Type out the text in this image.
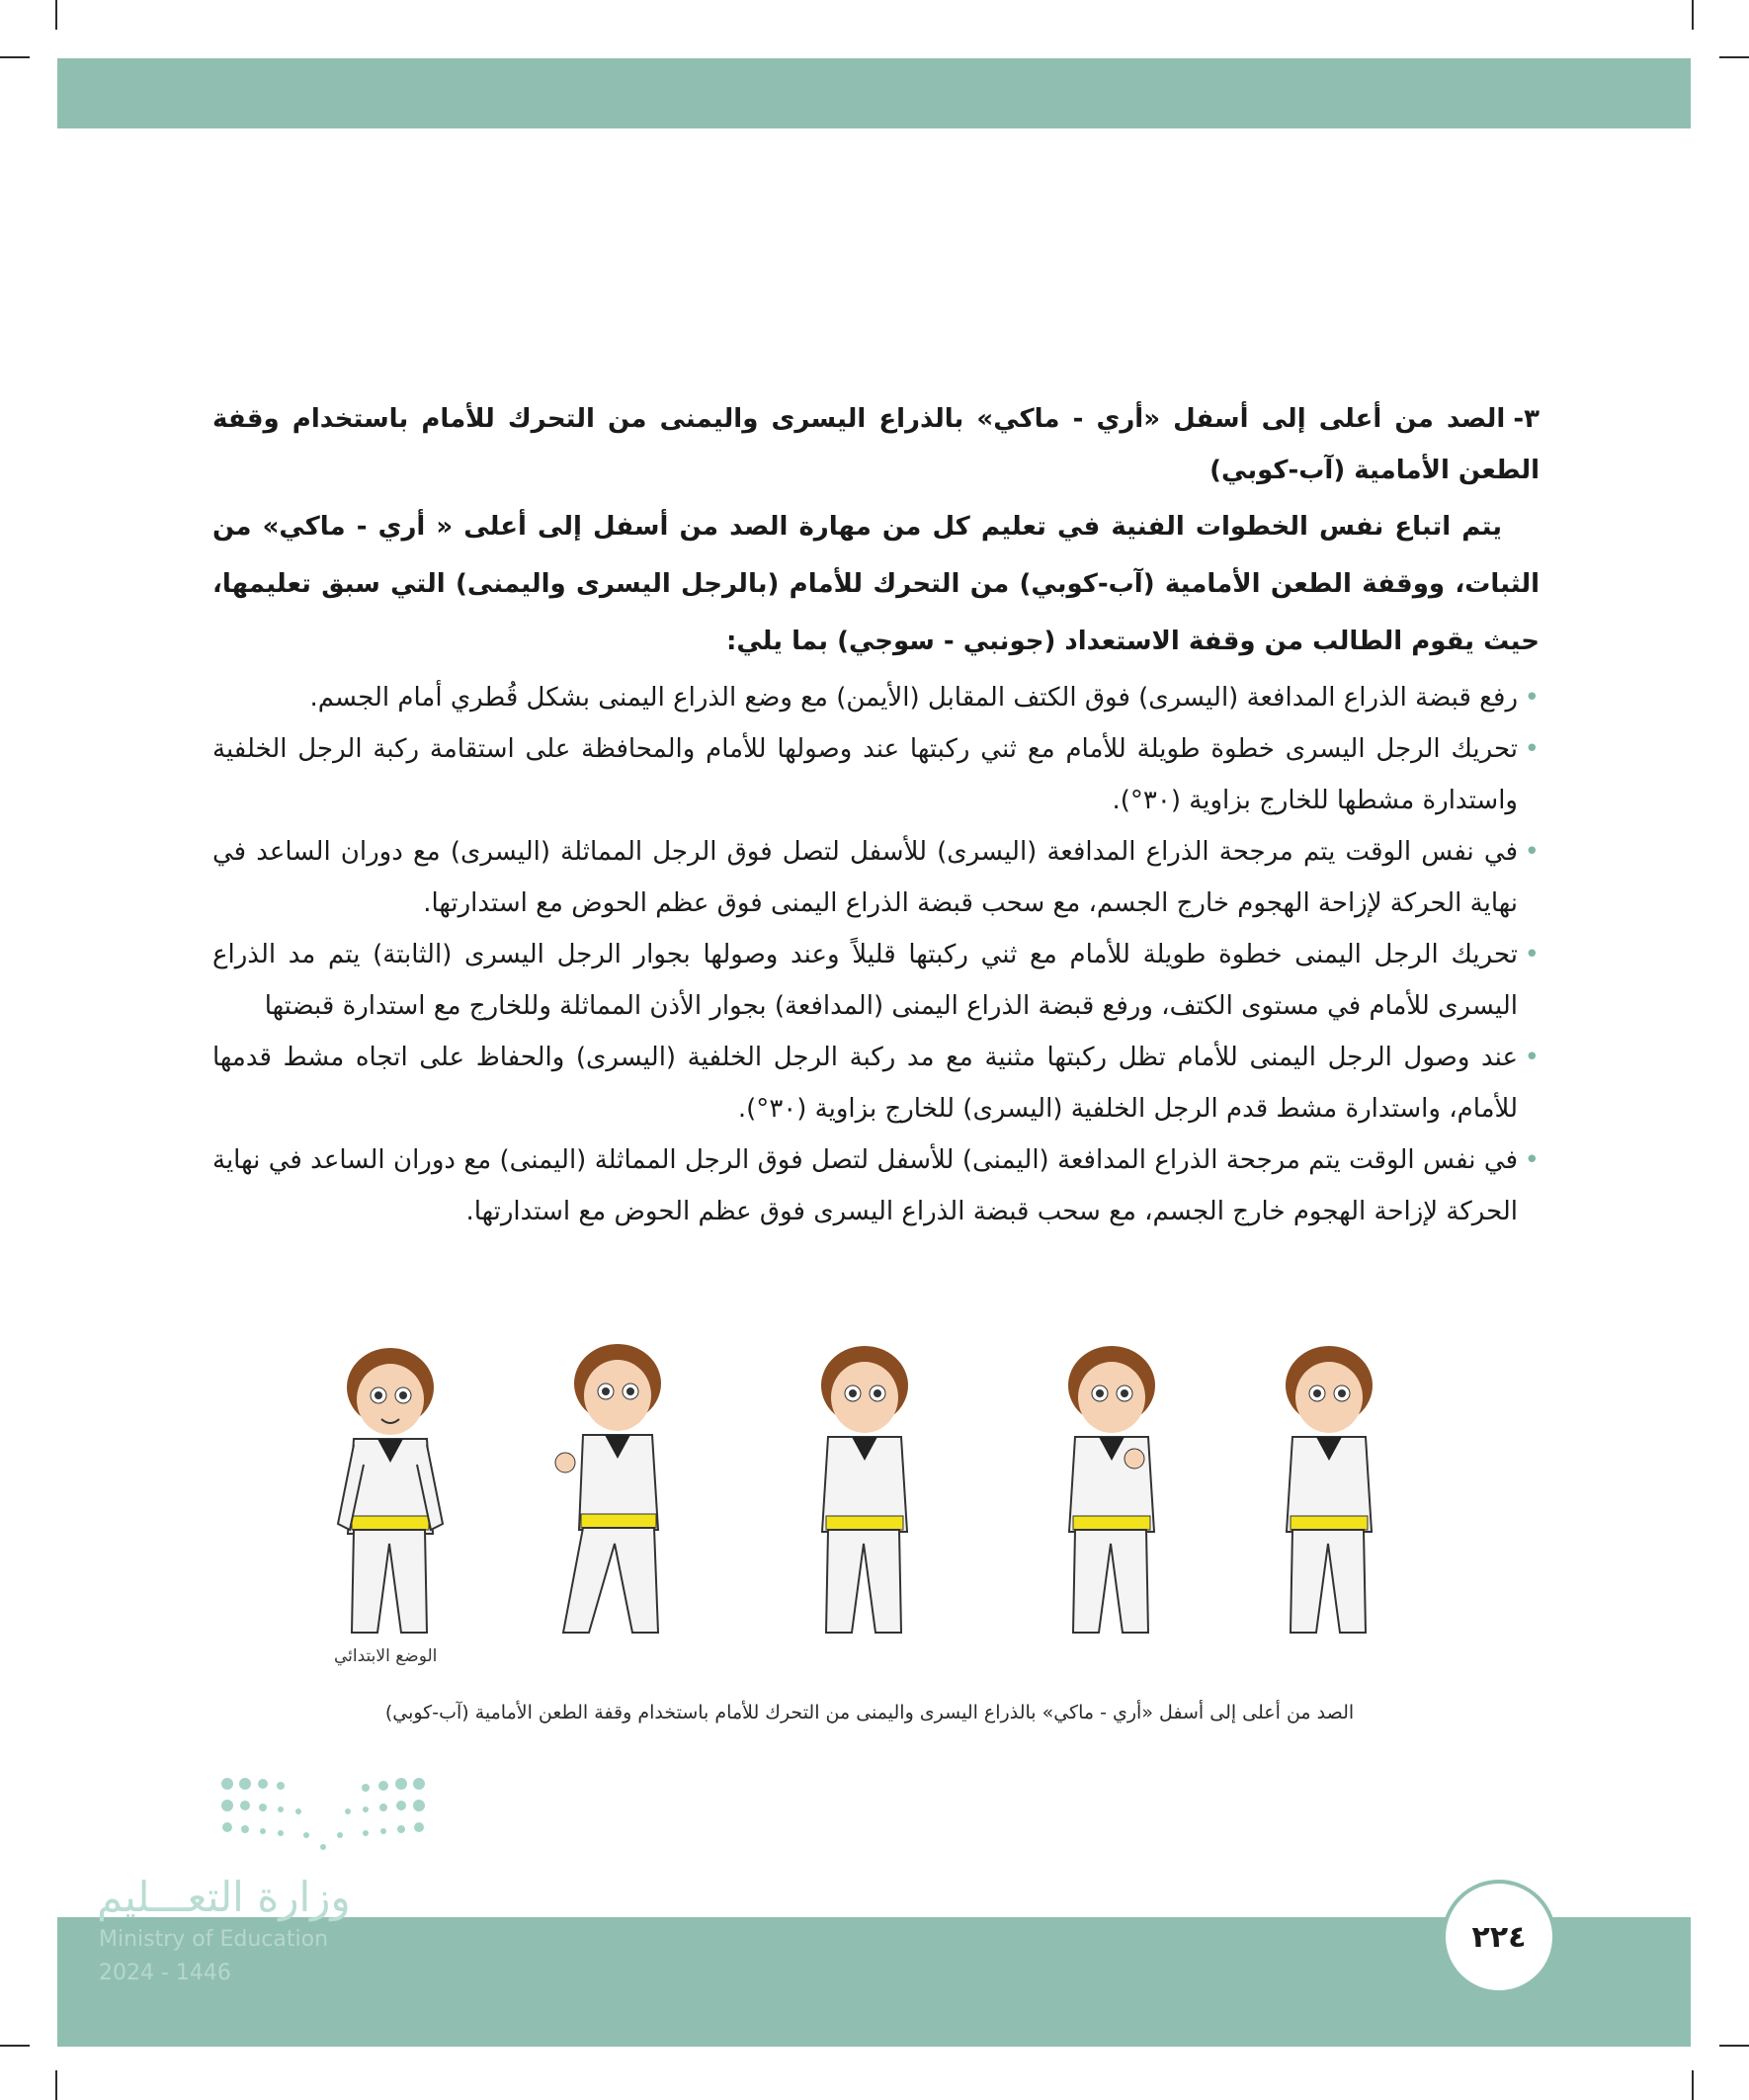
٣-الصد من أعلى إلى أسفل «أري - ماكي» بالذراع اليسرى واليمنى من التحرك للأمام باستخدام وقفة الطعن الأمامية (آب-كوبي)

يتم اتباع نفس الخطوات الفنية في تعليم كل من مهارة الصد من أسفل إلى أعلى « أري - ماكي» من الثبات، ووقفة الطعن الأمامية (آب-كوبي) من التحرك للأمام (بالرجل اليسرى واليمنى) التي سبق تعليمها، حيث يقوم الطالب من وقفة الاستعداد (جونبي - سوجي) بما يلي:

• رفع قبضة الذراع المدافعة (اليسرى) فوق الكتف المقابل (الأيمن) مع وضع الذراع اليمنى بشكل قُطري أمام الجسم.
• تحريك الرجل اليسرى خطوة طويلة للأمام مع ثني ركبتها عند وصولها للأمام والمحافظة على استقامة ركبة الرجل الخلفية واستدارة مشطها للخارج بزاوية (٣٠°).
• في نفس الوقت يتم مرجحة الذراع المدافعة (اليسرى) للأسفل لتصل فوق الرجل المماثلة (اليسرى) مع دوران الساعد في نهاية الحركة لإزاحة الهجوم خارج الجسم، مع سحب قبضة الذراع اليمنى فوق عظم الحوض مع استدارتها.
• تحريك الرجل اليمنى خطوة طويلة للأمام مع ثني ركبتها قليلاً وعند وصولها بجوار الرجل اليسرى (الثابتة) يتم مد الذراع اليسرى للأمام في مستوى الكتف، ورفع قبضة الذراع اليمنى (المدافعة) بجوار الأذن المماثلة وللخارج مع استدارة قبضتها
• عند وصول الرجل اليمنى للأمام تظل ركبتها مثنية مع مد ركبة الرجل الخلفية (اليسرى) والحفاظ على اتجاه مشط قدمها للأمام، واستدارة مشط قدم الرجل الخلفية (اليسرى) للخارج بزاوية (٣٠°).
• في نفس الوقت يتم مرجحة الذراع المدافعة (اليمنى) للأسفل لتصل فوق الرجل المماثلة (اليمنى) مع دوران الساعد في نهاية الحركة لإزاحة الهجوم خارج الجسم، مع سحب قبضة الذراع اليسرى فوق عظم الحوض مع استدارتها.
الوضع الابتدائي
الصد من أعلى إلى أسفل «أري - ماكي» بالذراع اليسرى واليمنى من التحرك للأمام باستخدام وقفة الطعن الأمامية (آب-كوبي)
وزارة التعـــليم
Ministry of Education
2024 - 1446
٢٢٤
